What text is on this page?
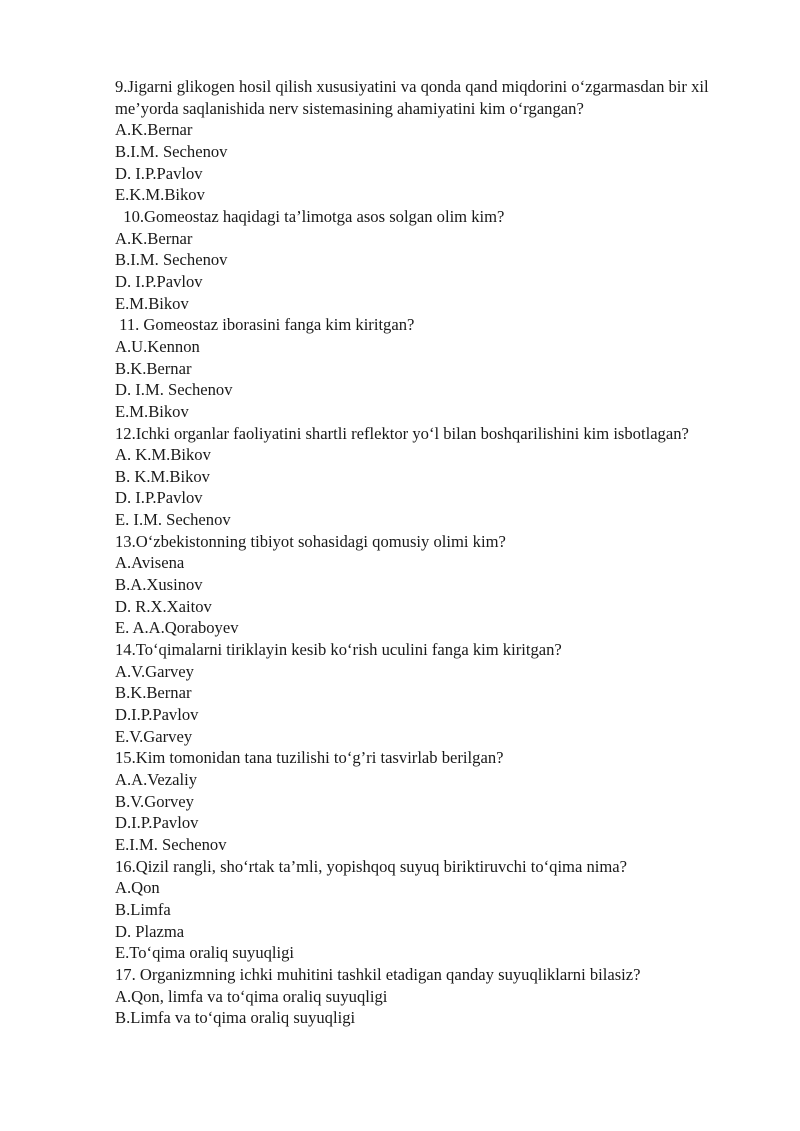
9.Jigarni glikogen hosil qilish xususiyatini va qonda qand miqdorini o‘zgarmasdan bir xil me’yorda saqlanishida nerv sistemasining ahamiyatini kim o‘rgangan?
A.K.Bernar
B.I.M. Sechenov
D. I.P.Pavlov
E.K.M.Bikov
10.Gomeostaz haqidagi ta’limotga asos solgan olim kim?
A.K.Bernar
B.I.M. Sechenov
D. I.P.Pavlov
E.M.Bikov
11. Gomeostaz iborasini fanga kim kiritgan?
A.U.Kennon
B.K.Bernar
D. I.M. Sechenov
E.M.Bikov
12.Ichki organlar faoliyatini shartli reflektor yo‘l bilan boshqarilishini kim isbotlagan?
A. K.M.Bikov
B. K.M.Bikov
D. I.P.Pavlov
E. I.M. Sechenov
13.O‘zbekistonning tibiyot sohasidagi qomusiy olimi kim?
A.Avisena
B.A.Xusinov
D. R.X.Xaitov
E. A.A.Qoraboyev
14.To‘qimalarni tiriklayin kesib ko‘rish uculini fanga kim kiritgan?
A.V.Garvey
B.K.Bernar
D.I.P.Pavlov
E.V.Garvey
15.Kim tomonidan tana tuzilishi to‘g’ri tasvirlab berilgan?
A.A.Vezaliy
B.V.Gorvey
D.I.P.Pavlov
E.I.M. Sechenov
16.Qizil rangli, sho‘rtak ta’mli, yopishqoq suyuq biriktiruvchi to‘qima nima?
A.Qon
B.Limfa
D. Plazma
E.To‘qima oraliq suyuqligi
17. Organizmning ichki muhitini tashkil etadigan qanday suyuqliklarni bilasiz?
A.Qon, limfa va to‘qima oraliq suyuqligi
B.Limfa va to‘qima oraliq suyuqligi
